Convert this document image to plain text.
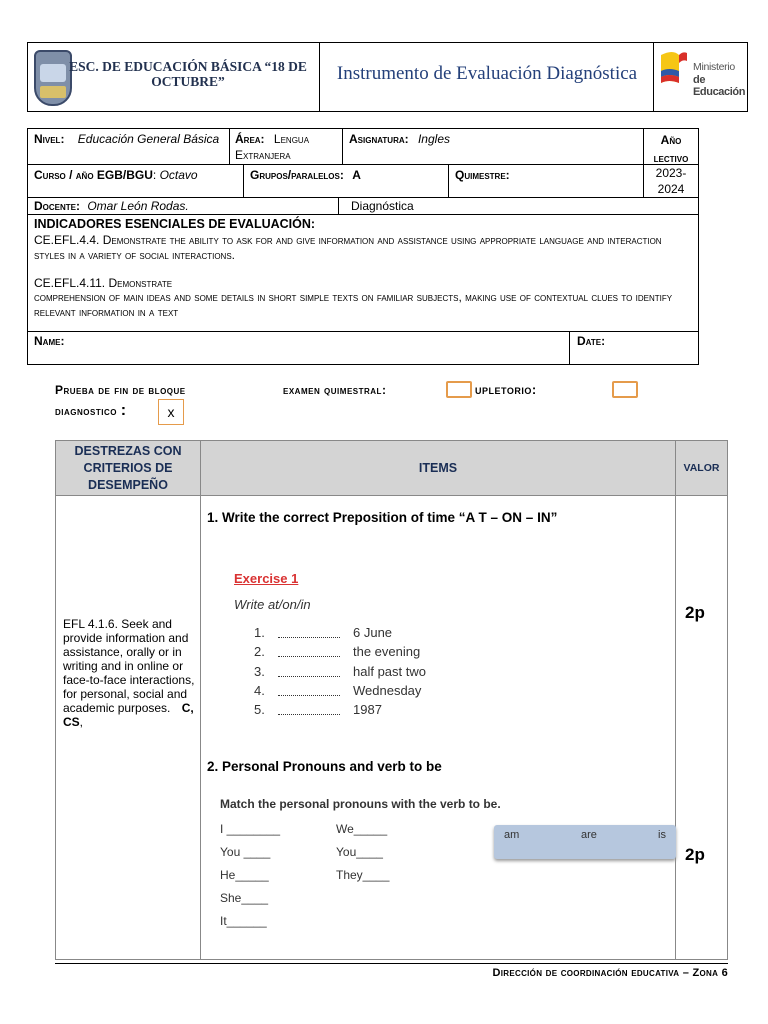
ESC. DE EDUCACIÓN BÁSICA “18 DE OCTUBRE”	Instrumento de Evaluación Diagnóstica	Ministerio
de Educación
Nivel: Educación General Básica	Área: Lengua Extranjera
Asignatura: Ingles	Año lectivo
2023-2024
Curso / año EGB/BGU: Octavo	Grupos/paralelos: A	Quimestre:
Docente: Omar León Rodas.	Diagnóstica
INDICADORES ESENCIALES DE EVALUACIÓN:
CE.EFL.4.4. Demonstrate the ability to ask for and give information and assistance using appropriate language and interaction styles in a variety of social interactions.
CE.EFL.4.11. Demonstrate
comprehension of main ideas and some details in short simple texts on familiar subjects, making use of contextual clues to identify relevant information in a text
Name:	Date:
Prueba de fin de bloque	examen quimestral:	upletorio:
diagnostico :	x
DESTREZAS CON CRITERIOS DE DESEMPEÑO
ITEMS	VALOR
EFL 4.1.6. Seek and provide information and assistance, orally or in writing and in online or face-to-face interactions, for personal, social and academic purposes. C, CS,
1. Write the correct Preposition of time “A T – ON – IN”
Exercise 1
Write at/on/in
1.	6 June
2.	the evening
3.	half past two
4.	Wednesday
5.	1987
2p
2. Personal Pronouns and verb to be
Match the personal pronouns with the verb to be.
I ________
You ____
He_____
She____
It______
We_____
You____
They____
am	are	is
2p
Dirección de coordinación educativa – Zona 6
